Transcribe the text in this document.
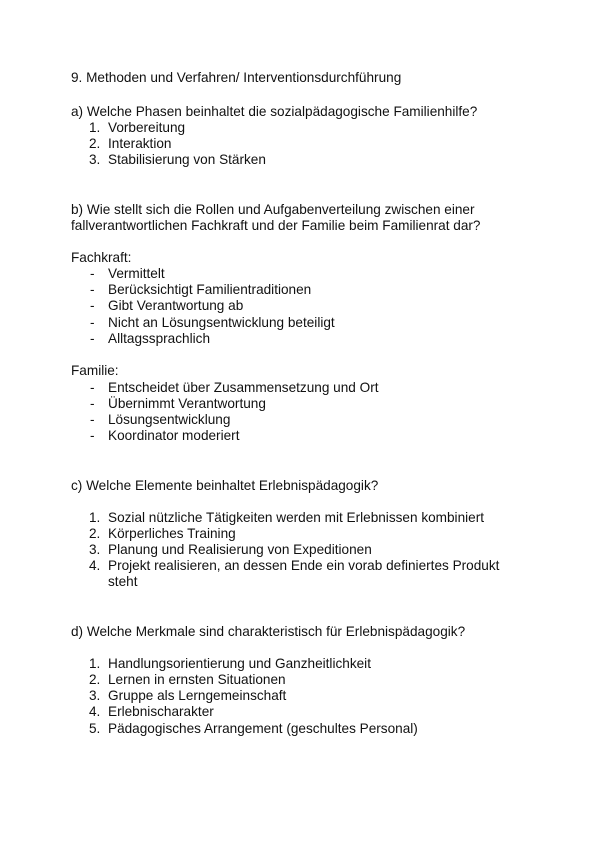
9. Methoden und Verfahren/ Interventionsdurchführung
a) Welche Phasen beinhaltet die sozialpädagogische Familienhilfe?
1. Vorbereitung
2. Interaktion
3. Stabilisierung von Stärken
b) Wie stellt sich die Rollen und Aufgabenverteilung zwischen einer
fallverantwortlichen Fachkraft und der Familie beim Familienrat dar?
Fachkraft:
- Vermittelt
- Berücksichtigt Familientraditionen
- Gibt Verantwortung ab
- Nicht an Lösungsentwicklung beteiligt
- Alltagssprachlich
Familie:
- Entscheidet über Zusammensetzung und Ort
- Übernimmt Verantwortung
- Lösungsentwicklung
- Koordinator moderiert
c) Welche Elemente beinhaltet Erlebnispädagogik?
1. Sozial nützliche Tätigkeiten werden mit Erlebnissen kombiniert
2. Körperliches Training
3. Planung und Realisierung von Expeditionen
4. Projekt realisieren, an dessen Ende ein vorab definiertes Produkt
steht
d) Welche Merkmale sind charakteristisch für Erlebnispädagogik?
1. Handlungsorientierung und Ganzheitlichkeit
2. Lernen in ernsten Situationen
3. Gruppe als Lerngemeinschaft
4. Erlebnischarakter
5. Pädagogisches Arrangement (geschultes Personal)
